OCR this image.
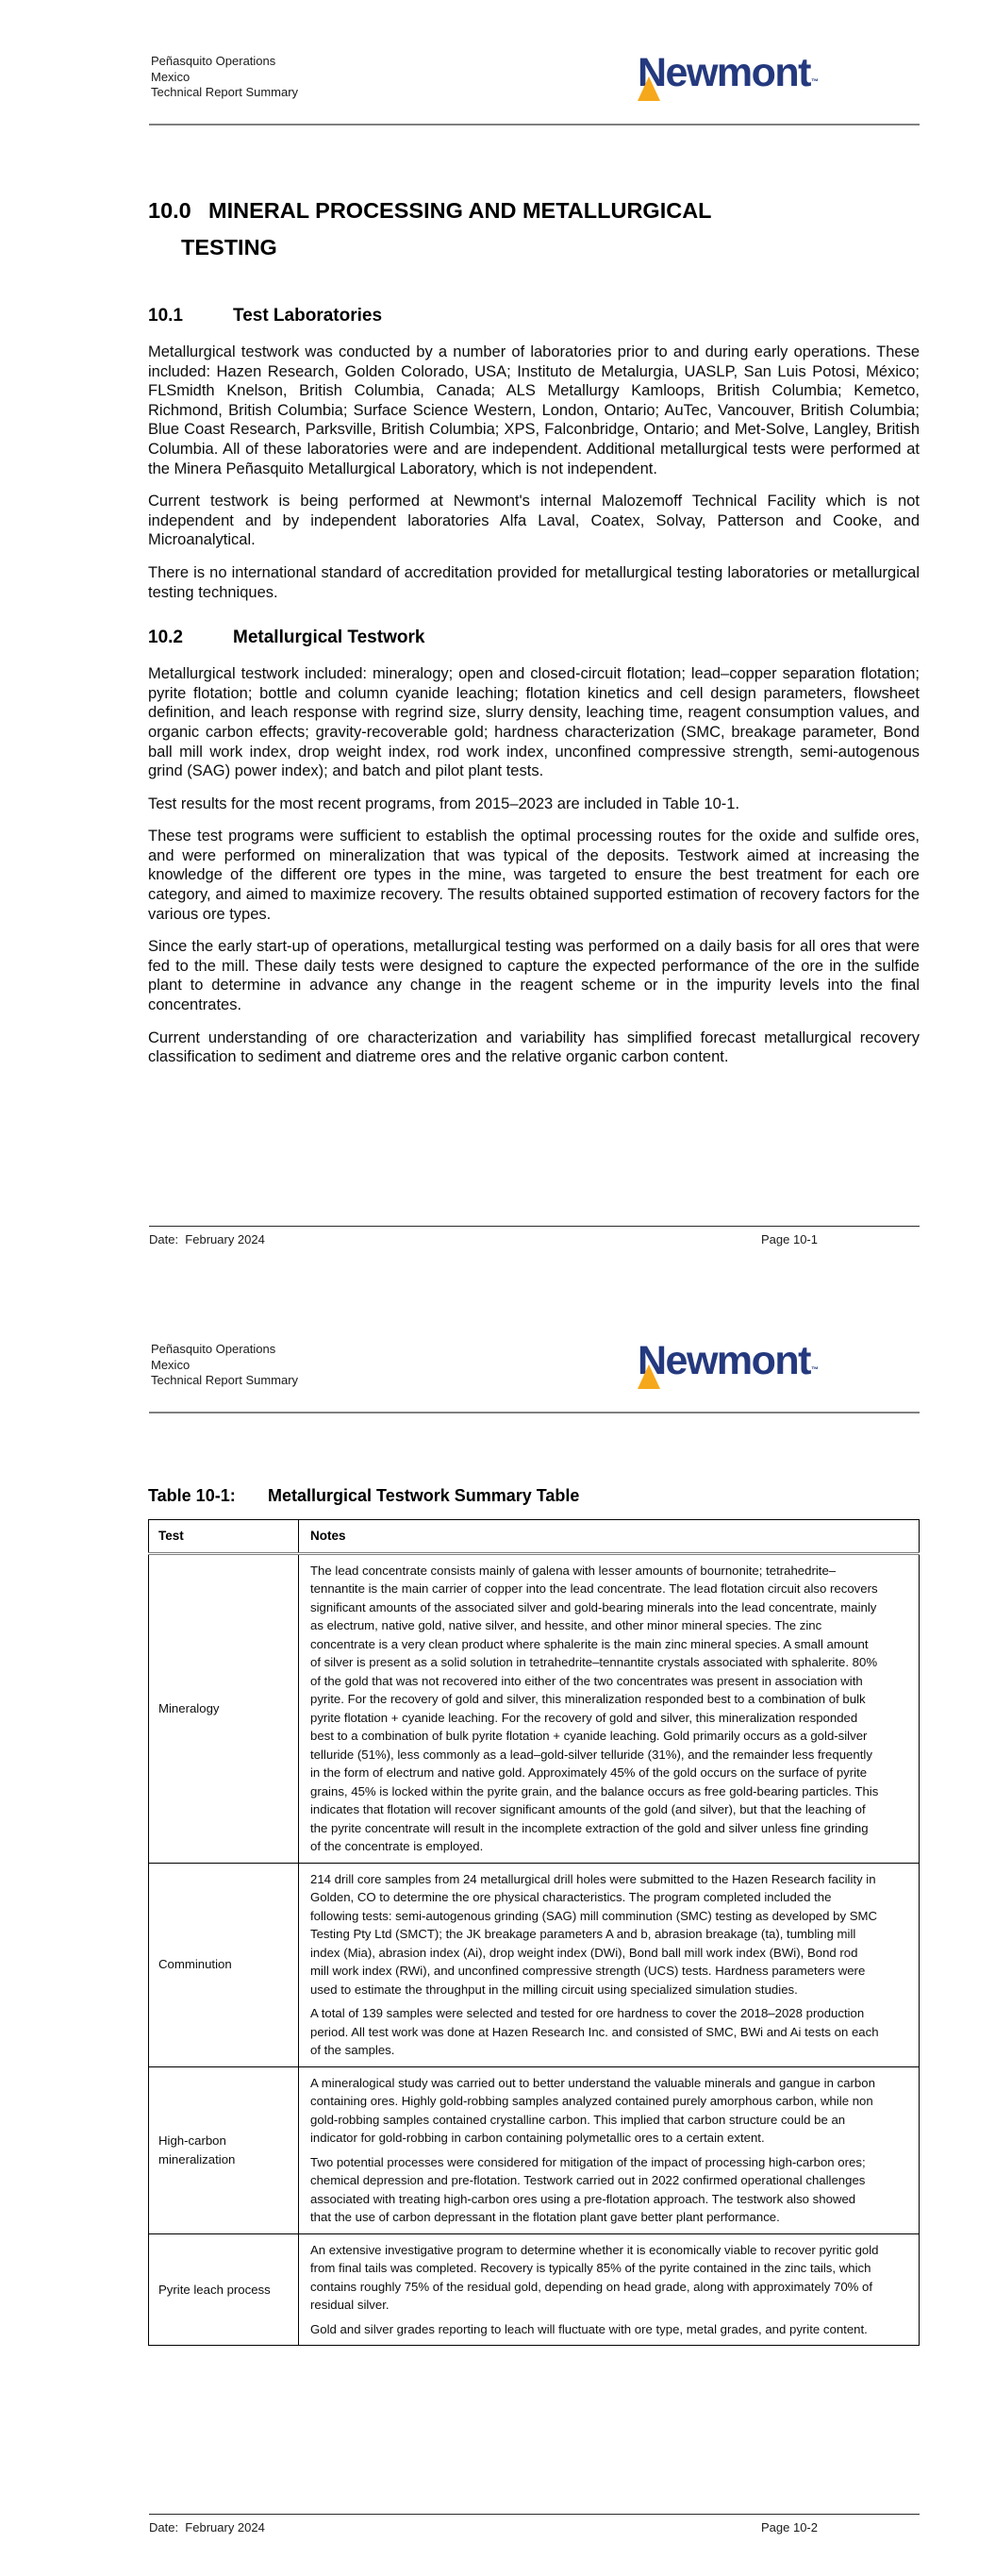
Peñasquito Operations
Mexico
Technical Report Summary	Newmont
™
10.0 MINERAL PROCESSING AND METALLURGICAL
TESTING
10.1	Test Laboratories

Metallurgical testwork was conducted by a number of laboratories prior to and during early operations. These included: Hazen Research, Golden Colorado, USA; Instituto de Metalurgia, UASLP, San Luis Potosi, México; FLSmidth Knelson, British Columbia, Canada; ALS Metallurgy Kamloops, British Columbia; Kemetco, Richmond, British Columbia; Surface Science Western, London, Ontario; AuTec, Vancouver, British Columbia; Blue Coast Research, Parksville, British Columbia; XPS, Falconbridge, Ontario; and Met-Solve, Langley, British Columbia. All of these laboratories were and are independent. Additional metallurgical tests were performed at the Minera Peñasquito Metallurgical Laboratory, which is not independent.

Current testwork is being performed at Newmont's internal Malozemoff Technical Facility which is not independent and by independent laboratories Alfa Laval, Coatex, Solvay, Patterson and Cooke, and Microanalytical.

There is no international standard of accreditation provided for metallurgical testing laboratories or metallurgical testing techniques.

10.2	Metallurgical Testwork

Metallurgical testwork included: mineralogy; open and closed-circuit flotation; lead–copper separation flotation; pyrite flotation; bottle and column cyanide leaching; flotation kinetics and cell design parameters, flowsheet definition, and leach response with regrind size, slurry density, leaching time, reagent consumption values, and organic carbon effects; gravity-recoverable gold; hardness characterization (SMC, breakage parameter, Bond ball mill work index, drop weight index, rod work index, unconfined compressive strength, semi-autogenous grind (SAG) power index); and batch and pilot plant tests.

Test results for the most recent programs, from 2015–2023 are included in Table 10-1.

These test programs were sufficient to establish the optimal processing routes for the oxide and sulfide ores, and were performed on mineralization that was typical of the deposits. Testwork aimed at increasing the knowledge of the different ore types in the mine, was targeted to ensure the best treatment for each ore category, and aimed to maximize recovery. The results obtained supported estimation of recovery factors for the various ore types.

Since the early start-up of operations, metallurgical testing was performed on a daily basis for all ores that were fed to the mill. These daily tests were designed to capture the expected performance of the ore in the sulfide plant to determine in advance any change in the reagent scheme or in the impurity levels into the final concentrates.

Current understanding of ore characterization and variability has simplified forecast metallurgical recovery classification to sediment and diatreme ores and the relative organic carbon content.

Date:  February 2024	Page 10-1
Peñasquito Operations
Mexico
Technical Report Summary	Newmont
™
Table 10-1: Metallurgical Testwork Summary Table
Test	Notes
Mineralogy	The lead concentrate consists mainly of galena with lesser amounts of bournonite; tetrahedrite–tennantite is the main carrier of copper into the lead concentrate. The lead flotation circuit also recovers significant amounts of the associated silver and gold-bearing minerals into the lead concentrate, mainly as electrum, native gold, native silver, and hessite, and other minor mineral species. The zinc concentrate is a very clean product where sphalerite is the main zinc mineral species. A small amount of silver is present as a solid solution in tetrahedrite–tennantite crystals associated with sphalerite. 80% of the gold that was not recovered into either of the two concentrates was present in association with pyrite. For the recovery of gold and silver, this mineralization responded best to a combination of bulk pyrite flotation + cyanide leaching. For the recovery of gold and silver, this mineralization responded best to a combination of bulk pyrite flotation + cyanide leaching. Gold primarily occurs as a gold-silver telluride (51%), less commonly as a lead–gold-silver telluride (31%), and the remainder less frequently in the form of electrum and native gold. Approximately 45% of the gold occurs on the surface of pyrite grains, 45% is locked within the pyrite grain, and the balance occurs as free gold-bearing particles. This indicates that flotation will recover significant amounts of the gold (and silver), but that the leaching of the pyrite concentrate will result in the incomplete extraction of the gold and silver unless fine grinding of the concentrate is employed.

Comminution	214 drill core samples from 24 metallurgical drill holes were submitted to the Hazen Research facility in Golden, CO to determine the ore physical characteristics. The program completed included the following tests: semi-autogenous grinding (SAG) mill comminution (SMC) testing as developed by SMC Testing Pty Ltd (SMCT); the JK breakage parameters A and b, abrasion breakage (ta), tumbling mill index (Mia), abrasion index (Ai), drop weight index (DWi), Bond ball mill work index (BWi), Bond rod mill work index (RWi), and unconfined compressive strength (UCS) tests. Hardness parameters were used to estimate the throughput in the milling circuit using specialized simulation studies.

A total of 139 samples were selected and tested for ore hardness to cover the 2018–2028 production period. All test work was done at Hazen Research Inc. and consisted of SMC, BWi and Ai tests on each of the samples.

High-carbon mineralization	A mineralogical study was carried out to better understand the valuable minerals and gangue in carbon containing ores. Highly gold-robbing samples analyzed contained purely amorphous carbon, while non gold-robbing samples contained crystalline carbon. This implied that carbon structure could be an indicator for gold-robbing in carbon containing polymetallic ores to a certain extent.

Two potential processes were considered for mitigation of the impact of processing high-carbon ores; chemical depression and pre-flotation. Testwork carried out in 2022 confirmed operational challenges associated with treating high-carbon ores using a pre-flotation approach. The testwork also showed that the use of carbon depressant in the flotation plant gave better plant performance.

Pyrite leach process	An extensive investigative program to determine whether it is economically viable to recover pyritic gold from final tails was completed. Recovery is typically 85% of the pyrite contained in the zinc tails, which contains roughly 75% of the residual gold, depending on head grade, along with approximately 70% of residual silver.

Gold and silver grades reporting to leach will fluctuate with ore type, metal grades, and pyrite content.

Date:  February 2024	Page 10-2
